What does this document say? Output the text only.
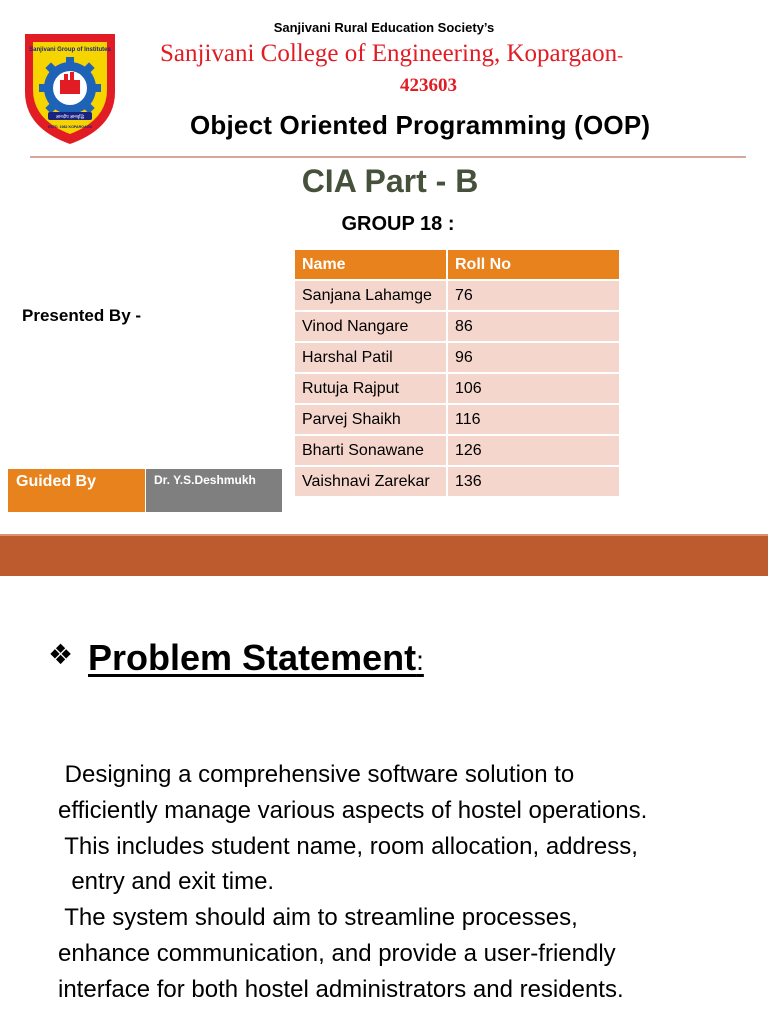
Sanjivani Group of Institutes
ज्ञानदीप ज्ञानवृद्धि
ESTD. 1982 KOPARGAON
Sanjivani Rural Education Society’s
Sanjivani College of Engineering, Kopargaon-
423603
Object Oriented Programming (OOP)
CIA Part - B
GROUP 18 :
Presented By -
Name	Roll No
Sanjana Lahamge	76
Vinod Nangare	86
Harshal Patil	96
Rutuja Rajput	106
Parvej Shaikh	116
Bharti Sonawane	126
Vaishnavi Zarekar	136
Guided By	Dr. Y.S.Deshmukh
❖ Problem Statement:
Designing a comprehensive software solution to
efficiently manage various aspects of hostel operations.
This includes student name, room allocation, address,
entry and exit time.
The system should aim to streamline processes,
enhance communication, and provide a user-friendly
interface for both hostel administrators and residents.
